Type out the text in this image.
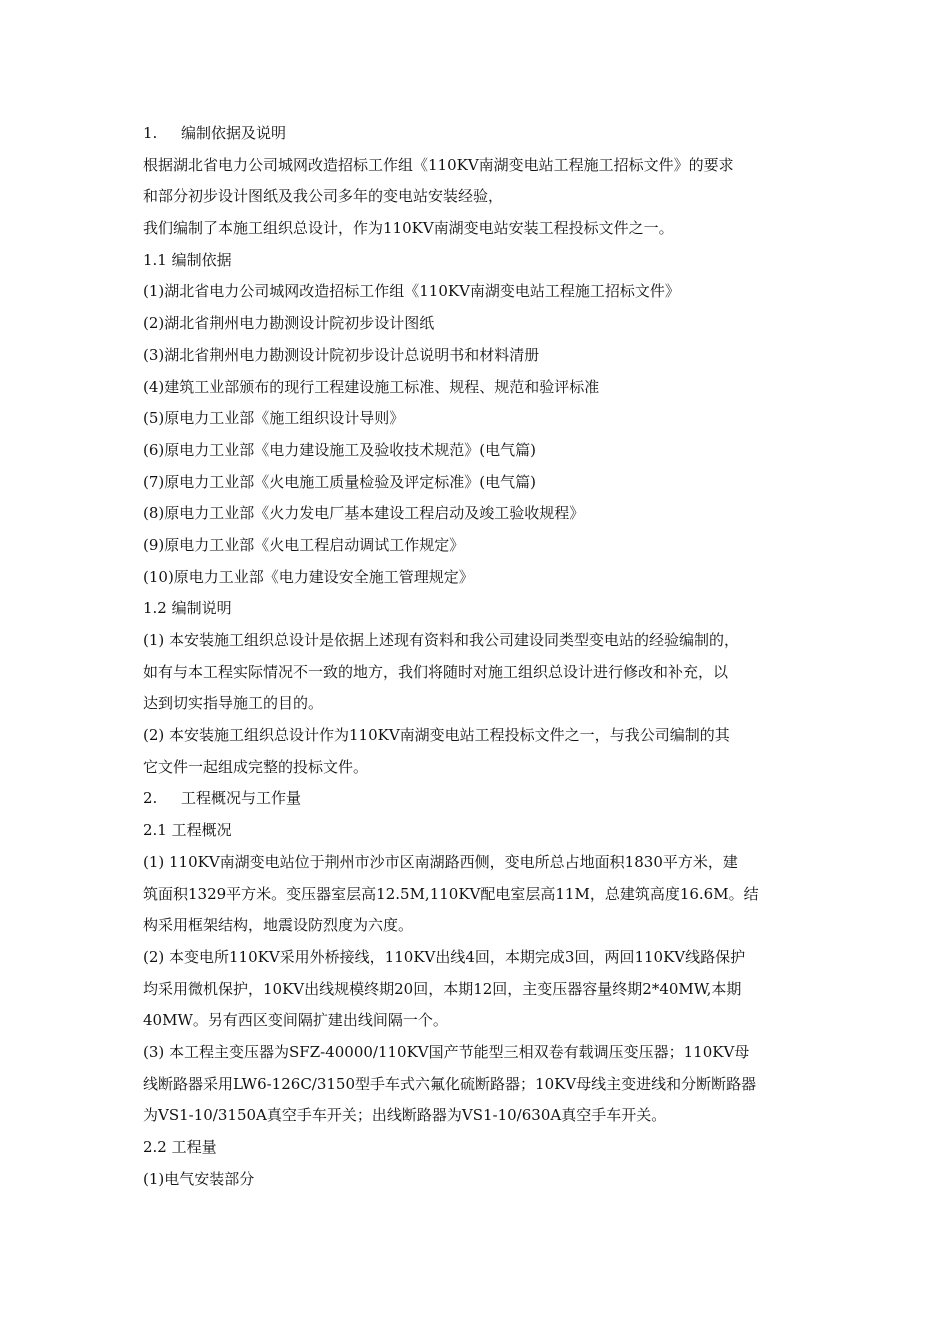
1. 编制依据及说明
根据湖北省电力公司城网改造招标工作组《110KV南湖变电站工程施工招标文件》的要求
和部分初步设计图纸及我公司多年的变电站安装经验，
我们编制了本施工组织总设计，作为110KV南湖变电站安装工程投标文件之一。
1.1 编制依据
(1)湖北省电力公司城网改造招标工作组《110KV南湖变电站工程施工招标文件》
(2)湖北省荆州电力勘测设计院初步设计图纸
(3)湖北省荆州电力勘测设计院初步设计总说明书和材料清册
(4)建筑工业部颁布的现行工程建设施工标准、规程、规范和验评标准
(5)原电力工业部《施工组织设计导则》
(6)原电力工业部《电力建设施工及验收技术规范》(电气篇)
(7)原电力工业部《火电施工质量检验及评定标准》(电气篇)
(8)原电力工业部《火力发电厂基本建设工程启动及竣工验收规程》
(9)原电力工业部《火电工程启动调试工作规定》
(10)原电力工业部《电力建设安全施工管理规定》
1.2 编制说明
(1) 本安装施工组织总设计是依据上述现有资料和我公司建设同类型变电站的经验编制的，
如有与本工程实际情况不一致的地方，我们将随时对施工组织总设计进行修改和补充，以
达到切实指导施工的目的。
(2) 本安装施工组织总设计作为110KV南湖变电站工程投标文件之一，与我公司编制的其
它文件一起组成完整的投标文件。
2. 工程概况与工作量
2.1 工程概况
(1) 110KV南湖变电站位于荆州市沙市区南湖路西侧，变电所总占地面积1830平方米，建
筑面积1329平方米。变压器室层高12.5M,110KV配电室层高11M，总建筑高度16.6M。结
构采用框架结构，地震设防烈度为六度。
(2) 本变电所110KV采用外桥接线，110KV出线4回，本期完成3回，两回110KV线路保护
均采用微机保护，10KV出线规模终期20回，本期12回，主变压器容量终期2*40MW,本期
40MW。另有西区变间隔扩建出线间隔一个。
(3) 本工程主变压器为SFZ-40000/110KV国产节能型三相双卷有载调压变压器；110KV母
线断路器采用LW6-126C/3150型手车式六氟化硫断路器；10KV母线主变进线和分断断路器
为VS1-10/3150A真空手车开关；出线断路器为VS1-10/630A真空手车开关。
2.2 工程量
(1)电气安装部分
